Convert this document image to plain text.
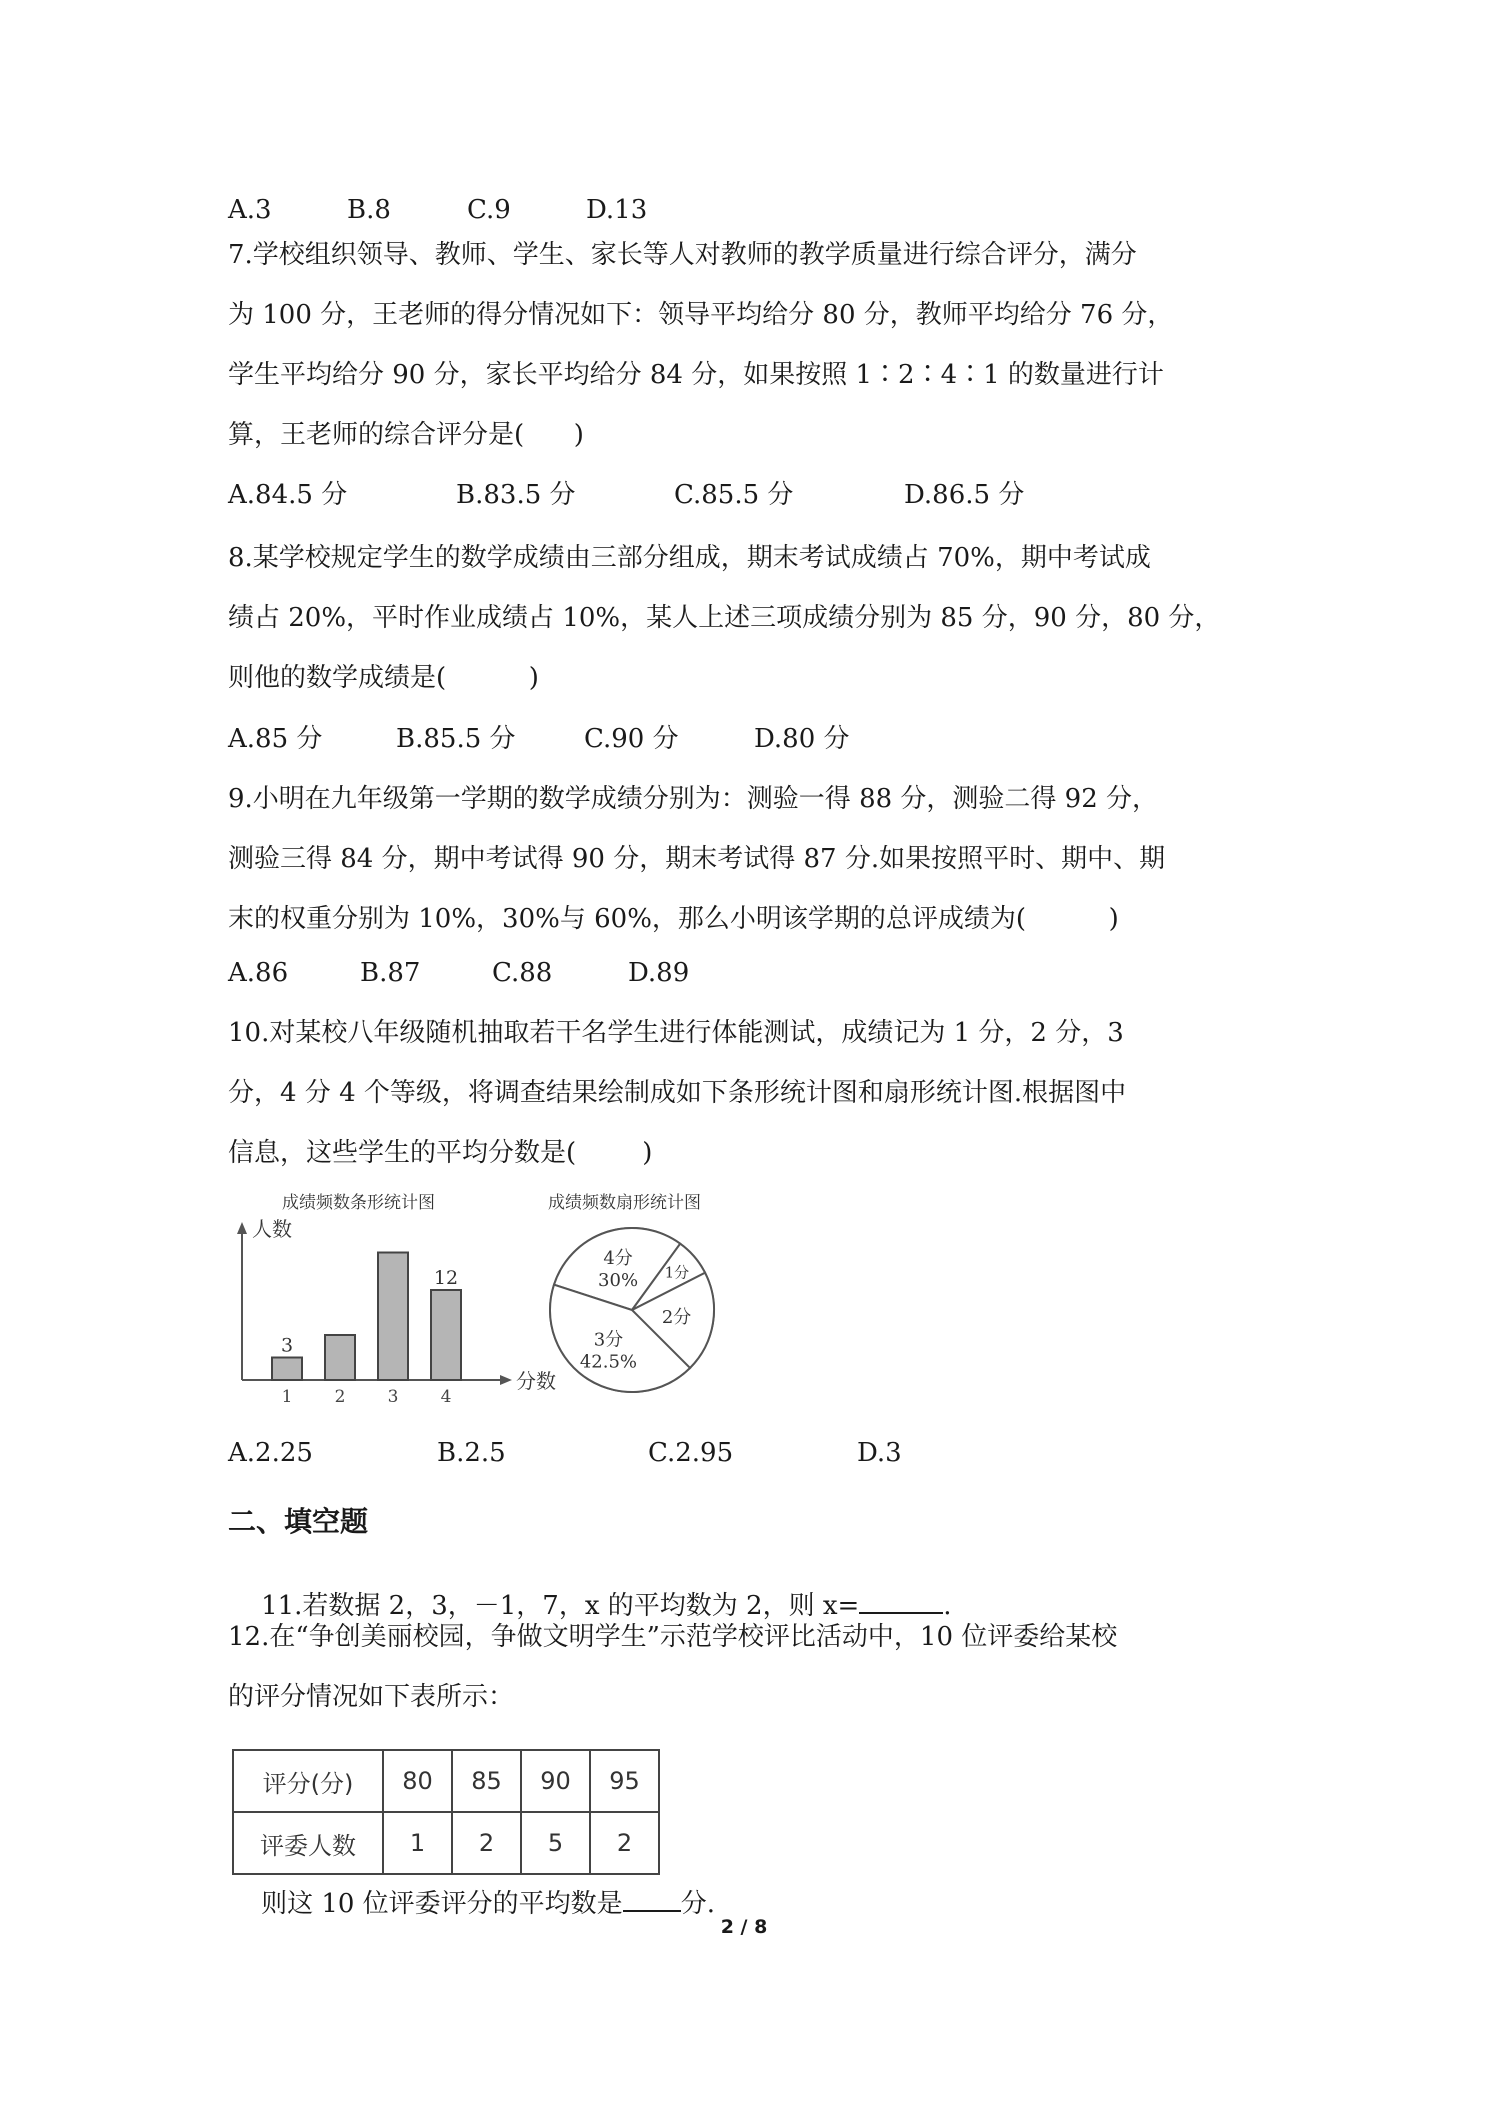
A.3	B.8	C.9	D.13
7.学校组织领导、教师、学生、家长等人对教师的教学质量进行综合评分，满分
为 100 分，王老师的得分情况如下：领导平均给分 80 分，教师平均给分 76 分，
学生平均给分 90 分，家长平均给分 84 分，如果按照 1∶2∶4∶1 的数量进行计
算，王老师的综合评分是(      )
A.84.5 分	B.83.5 分	C.85.5 分	D.86.5 分
8.某学校规定学生的数学成绩由三部分组成，期末考试成绩占 70%，期中考试成
绩占 20%，平时作业成绩占 10%，某人上述三项成绩分别为 85 分，90 分，80 分，
则他的数学成绩是(          )
A.85 分	B.85.5 分	C.90 分	D.80 分
9.小明在九年级第一学期的数学成绩分别为：测验一得 88 分，测验二得 92 分，
测验三得 84 分，期中考试得 90 分，期末考试得 87 分.如果按照平时、期中、期
末的权重分别为 10%，30%与 60%，那么小明该学期的总评成绩为(          )
A.86	B.87	C.88	D.89
10.对某校八年级随机抽取若干名学生进行体能测试，成绩记为 1 分，2 分，3
分，4 分 4 个等级，将调查结果绘制成如下条形统计图和扇形统计图.根据图中
信息，这些学生的平均分数是(        )
成绩频数条形统计图
人数
分数
1
3
2 3 4
12
成绩频数扇形统计图
4分
30% 1分
2分
3分
42.5%
A.2.25	B.2.5	C.2.95	D.3
二、填空题

11.若数据 2，3，－1，7，x 的平均数为 2，则 x=	.

12.在“争创美丽校园，争做文明学生”示范学校评比活动中，10 位评委给某校
的评分情况如下表所示：
评分(分)	80	85	90	95
评委人数	1	2	5	2

则这 10 位评委评分的平均数是 分.

2 / 8
